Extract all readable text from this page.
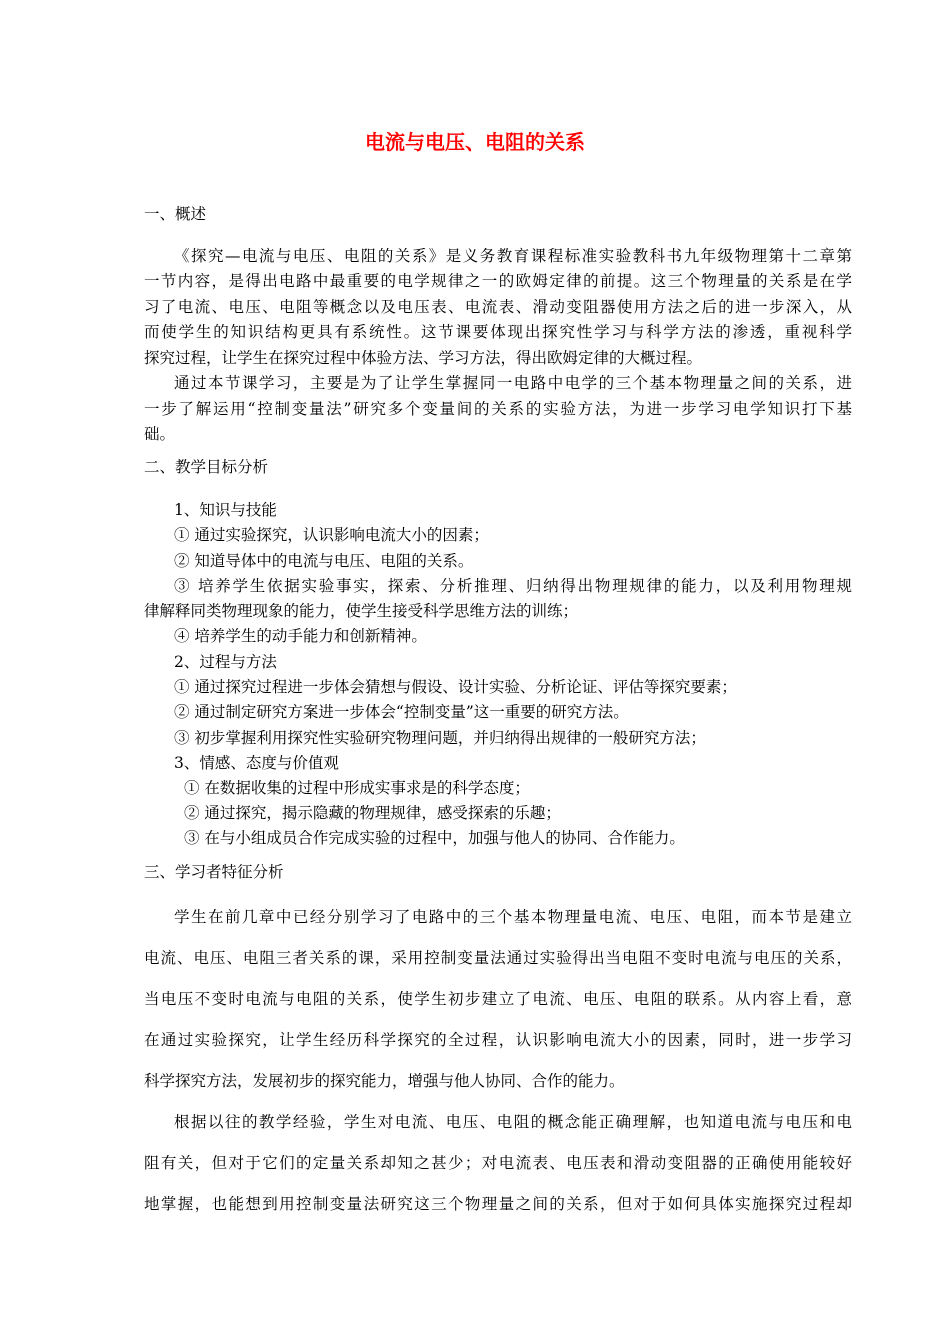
电流与电压、电阻的关系
一、概述
《探究—电流与电压、电阻的关系》是义务教育课程标准实验教科书九年级物理第十二章第
一节内容，是得出电路中最重要的电学规律之一的欧姆定律的前提。这三个物理量的关系是在学
习了电流、电压、电阻等概念以及电压表、电流表、滑动变阻器使用方法之后的进一步深入，从
而使学生的知识结构更具有系统性。这节课要体现出探究性学习与科学方法的渗透，重视科学
探究过程，让学生在探究过程中体验方法、学习方法，得出欧姆定律的大概过程。
通过本节课学习，主要是为了让学生掌握同一电路中电学的三个基本物理量之间的关系，进
一步了解运用“控制变量法”研究多个变量间的关系的实验方法，为进一步学习电学知识打下基
础。
二、教学目标分析
1、知识与技能
① 通过实验探究，认识影响电流大小的因素；
② 知道导体中的电流与电压、电阻的关系。
③ 培养学生依据实验事实，探索、分析推理、归纳得出物理规律的能力，以及利用物理规
律解释同类物理现象的能力，使学生接受科学思维方法的训练；
④ 培养学生的动手能力和创新精神。
2、过程与方法
① 通过探究过程进一步体会猜想与假设、设计实验、分析论证、评估等探究要素；
② 通过制定研究方案进一步体会“控制变量”这一重要的研究方法。
③ 初步掌握利用探究性实验研究物理问题，并归纳得出规律的一般研究方法；
3、情感、态度与价值观
① 在数据收集的过程中形成实事求是的科学态度；
② 通过探究，揭示隐藏的物理规律，感受探索的乐趣；
③ 在与小组成员合作完成实验的过程中，加强与他人的协同、合作能力。
三、学习者特征分析
学生在前几章中已经分别学习了电路中的三个基本物理量电流、电压、电阻，而本节是建立
电流、电压、电阻三者关系的课，采用控制变量法通过实验得出当电阻不变时电流与电压的关系，
当电压不变时电流与电阻的关系，使学生初步建立了电流、电压、电阻的联系。从内容上看，意
在通过实验探究，让学生经历科学探究的全过程，认识影响电流大小的因素，同时，进一步学习
科学探究方法，发展初步的探究能力，增强与他人协同、合作的能力。
根据以往的教学经验，学生对电流、电压、电阻的概念能正确理解，也知道电流与电压和电
阻有关，但对于它们的定量关系却知之甚少；对电流表、电压表和滑动变阻器的正确使用能较好
地掌握，也能想到用控制变量法研究这三个物理量之间的关系，但对于如何具体实施探究过程却
